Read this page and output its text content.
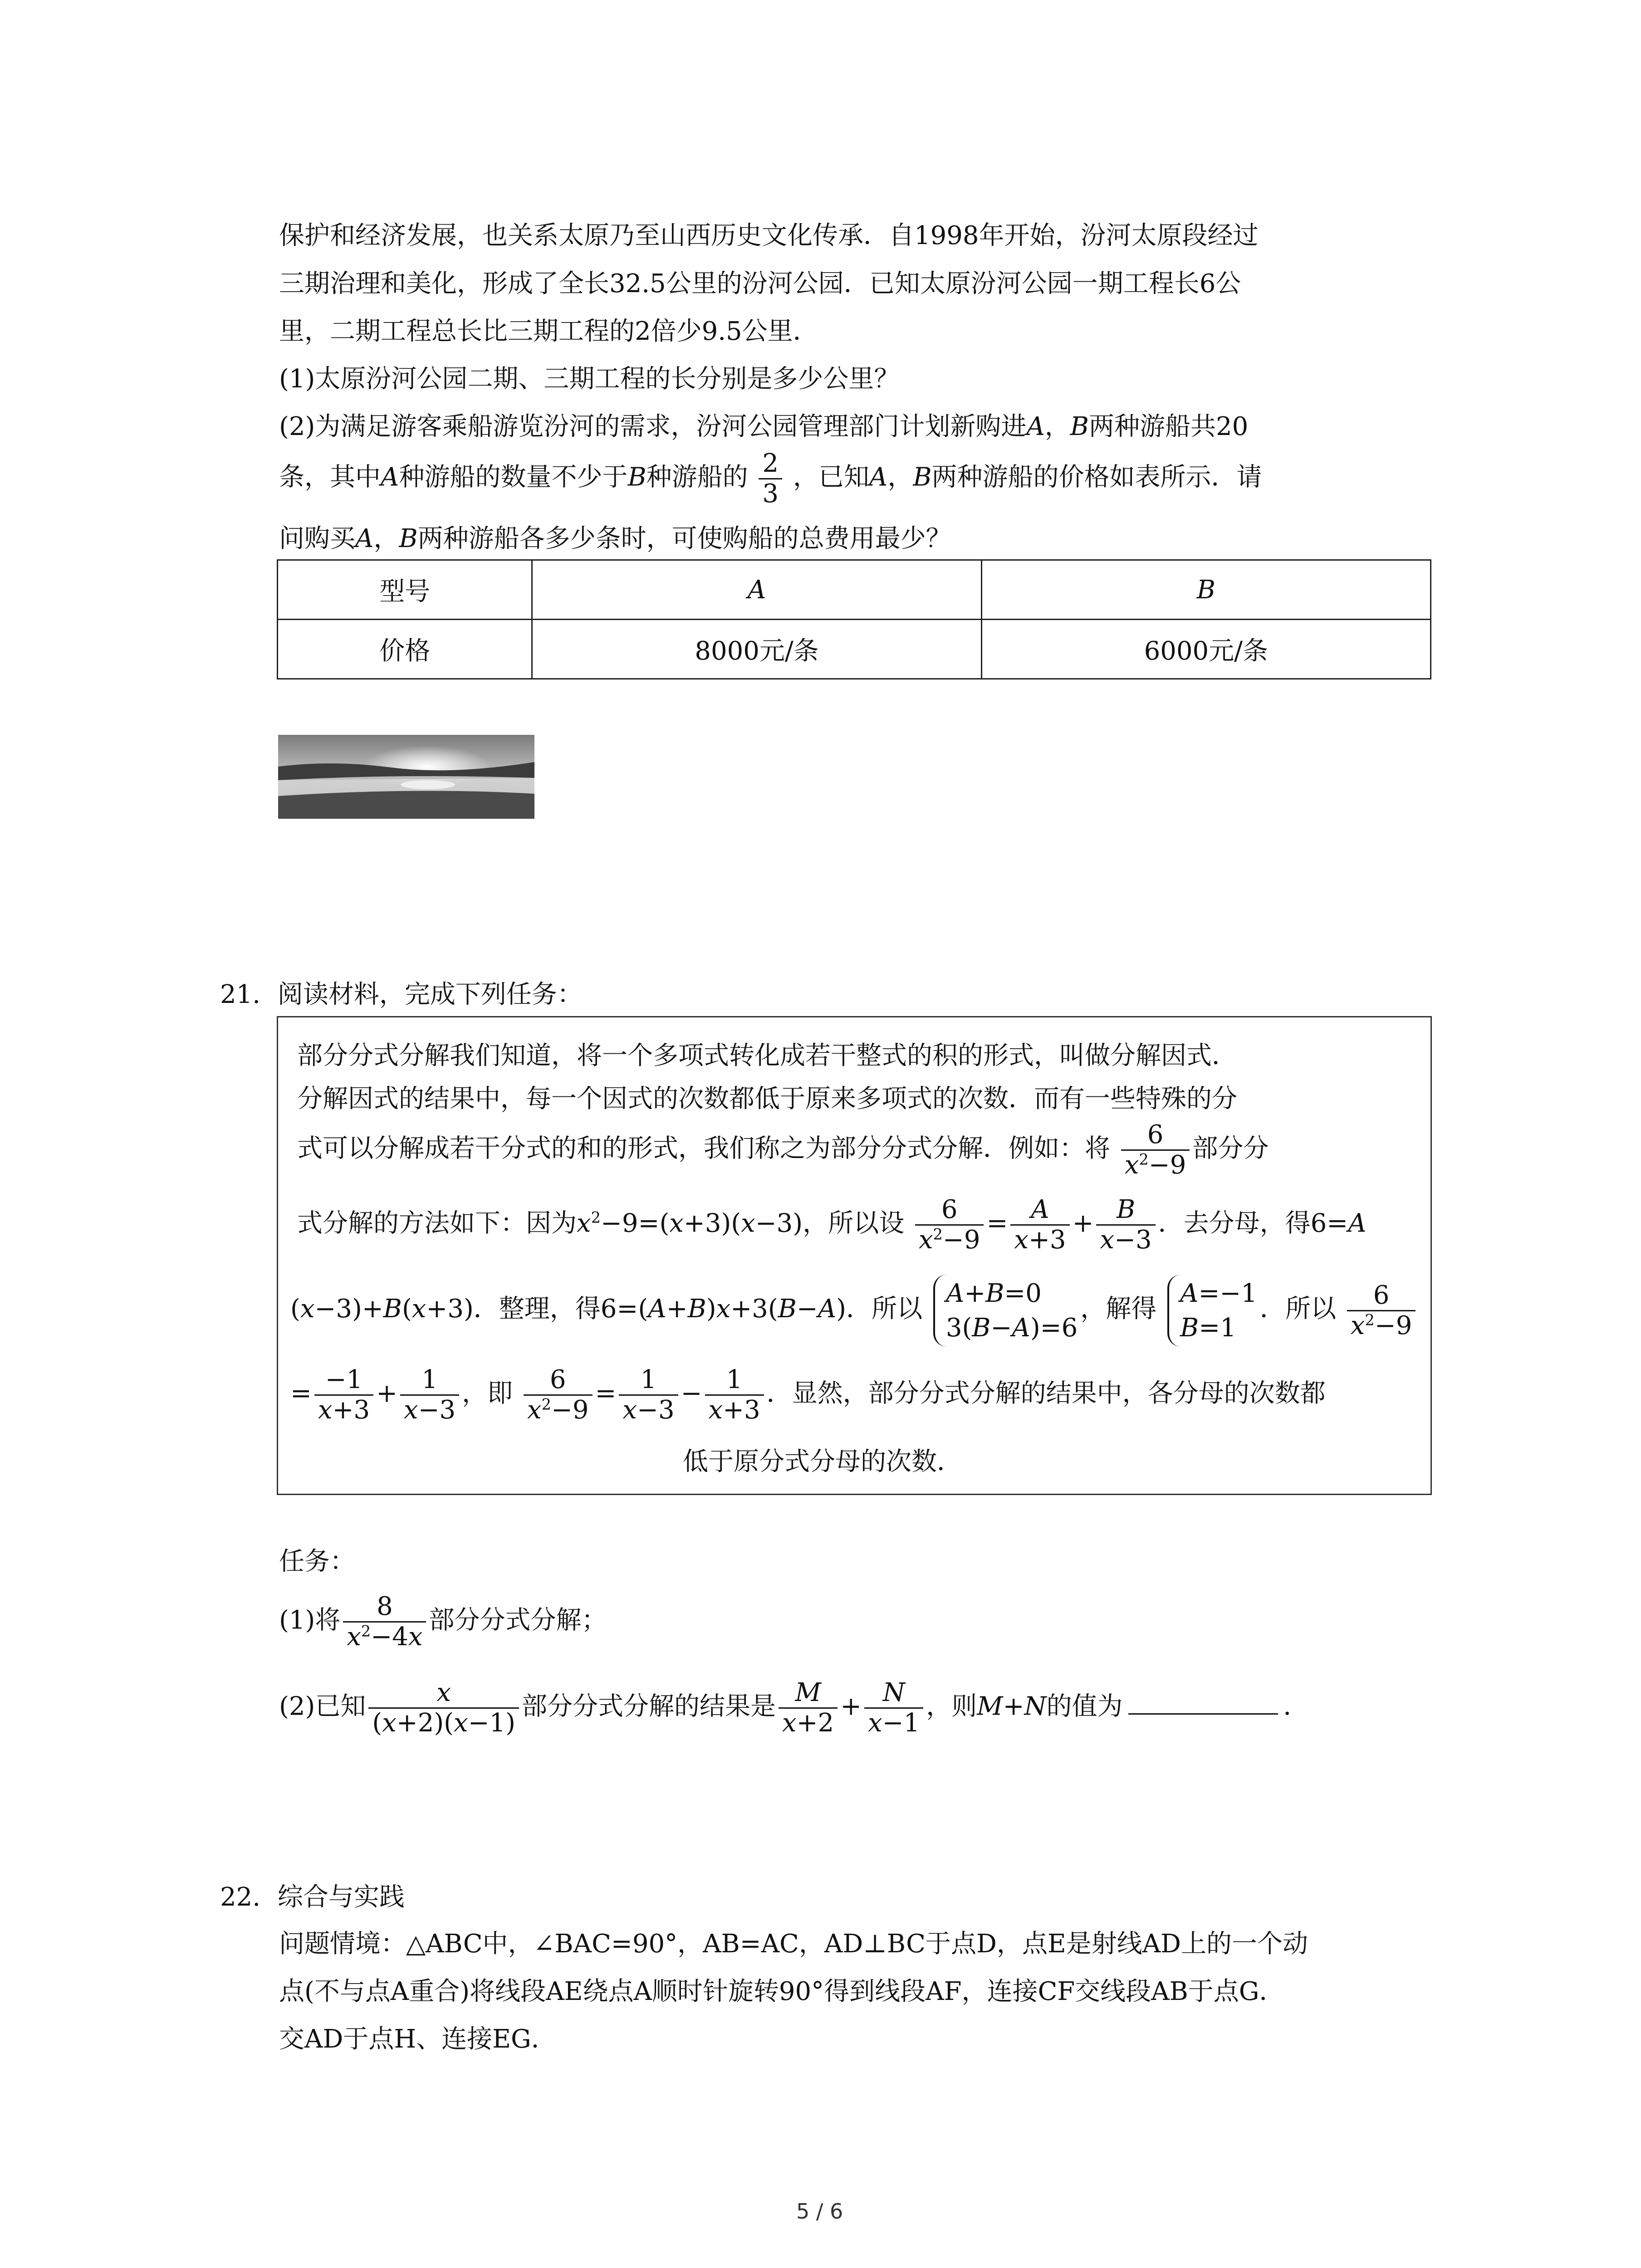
保护和经济发展，也关系太原乃至山西历史文化传承．自1998年开始，汾河太原段经过
三期治理和美化，形成了全长32.5公里的汾河公园．已知太原汾河公园一期工程长6公
里，二期工程总长比三期工程的2倍少9.5公里．
(1)太原汾河公园二期、三期工程的长分别是多少公里？
(2)为满足游客乘船游览汾河的需求，汾河公园管理部门计划新购进A，B两种游船共20
条，其中A种游船的数量不少于B种游船的 $\frac{2}{3}$ ，已知A，B两种游船的价格如表所示．请
问购买A，B两种游船各多少条时，可使购船的总费用最少？
型号	A	B
价格	8000元/条	6000元/条
21. 阅读材料，完成下列任务：
部分分式分解我们知道，将一个多项式转化成若干整式的积的形式，叫做分解因式．
分解因式的结果中，每一个因式的次数都低于原来多项式的次数．而有一些特殊的分
式可以分解成若干分式的和的形式，我们称之为部分分式分解．例如：将 $\frac{6}{x^2-9}$ 部分分
式分解的方法如下：因为$x^2-9=(x+3)(x-3)$，所以设 $\frac{6}{x^2-9} = \frac{A}{x+3} + \frac{B}{x-3}$ ．去分母，得6=A
(x−3)+B(x+3)．整理，得6=(A+B)x+3(B−A)．所以
A+B=0
3(B−A)=6
，解得
A=−1
B=1
．所以 $\frac{6}{x^2-9}$
= $\frac{-1}{x+3} + \frac{1}{x-3}$ ，即 $\frac{6}{x^2-9} = \frac{1}{x-3} - \frac{1}{x+3}$ ．显然，部分分式分解的结果中，各分母的次数都
低于原分式分母的次数．
任务：
(1)将 $\frac{8}{x^2-4x}$ 部分分式分解；
(2)已知 $\frac{x}{(x+2)(x-1)}$ 部分分式分解的结果是 $\frac{M}{x+2} + \frac{N}{x-1}$ ，则M+N的值为	．
22. 综合与实践
问题情境：△ABC中，∠BAC=90°，AB=AC，AD⊥BC于点D，点E是射线AD上的一个动
点(不与点A重合)将线段AE绕点A顺时针旋转90°得到线段AF，连接CF交线段AB于点G．
交AD于点H、连接EG．
5 / 6
